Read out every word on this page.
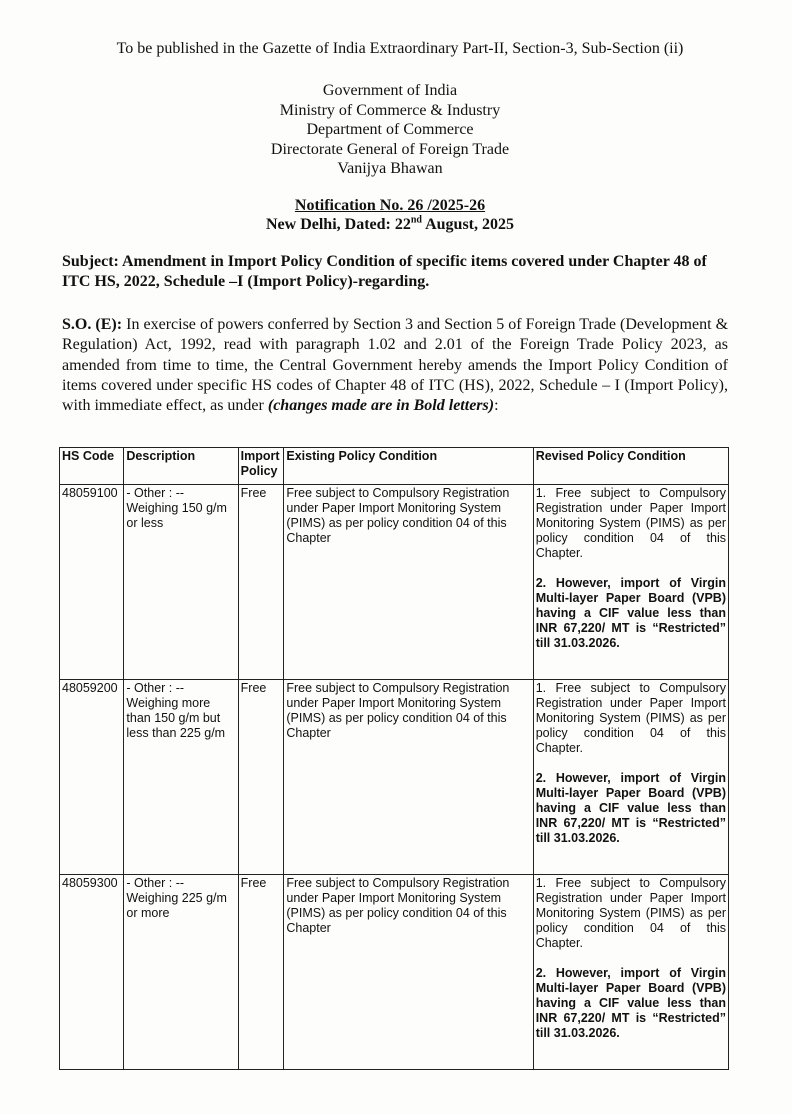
To be published in the Gazette of India Extraordinary Part-II, Section-3, Sub-Section (ii)
Government of India
Ministry of Commerce & Industry
Department of Commerce
Directorate General of Foreign Trade
Vanijya Bhawan
Notification No. 26 /2025-26
New Delhi, Dated: 22nd August, 2025
Subject: Amendment in Import Policy Condition of specific items covered under Chapter 48 of ITC HS, 2022, Schedule –I (Import Policy)-regarding.
S.O. (E): In exercise of powers conferred by Section 3 and Section 5 of Foreign Trade (Development & Regulation) Act, 1992, read with paragraph 1.02 and 2.01 of the Foreign Trade Policy 2023, as amended from time to time, the Central Government hereby amends the Import Policy Condition of items covered under specific HS codes of Chapter 48 of ITC (HS), 2022, Schedule – I (Import Policy), with immediate effect, as under (changes made are in Bold letters):
HS Code	Description	Import Policy	Existing Policy Condition	Revised Policy Condition
48059100	- Other : -- Weighing 150 g/m or less	Free	Free subject to Compulsory Registration under Paper Import Monitoring System (PIMS) as per policy condition 04 of this Chapter	1. Free subject to Compulsory Registration under Paper Import Monitoring System (PIMS) as per policy condition 04 of this Chapter.

2. However, import of Virgin Multi-layer Paper Board (VPB) having a CIF value less than INR 67,220/ MT is “Restricted” till 31.03.2026.

48059200	- Other : -- Weighing more than 150 g/m but less than 225 g/m	Free	Free subject to Compulsory Registration under Paper Import Monitoring System (PIMS) as per policy condition 04 of this Chapter	1. Free subject to Compulsory Registration under Paper Import Monitoring System (PIMS) as per policy condition 04 of this Chapter.

2. However, import of Virgin Multi-layer Paper Board (VPB) having a CIF value less than INR 67,220/ MT is “Restricted” till 31.03.2026.

48059300	- Other : -- Weighing 225 g/m or more	Free	Free subject to Compulsory Registration under Paper Import Monitoring System (PIMS) as per policy condition 04 of this Chapter	1. Free subject to Compulsory Registration under Paper Import Monitoring System (PIMS) as per policy condition 04 of this Chapter.

2. However, import of Virgin Multi-layer Paper Board (VPB) having a CIF value less than INR 67,220/ MT is “Restricted” till 31.03.2026.
